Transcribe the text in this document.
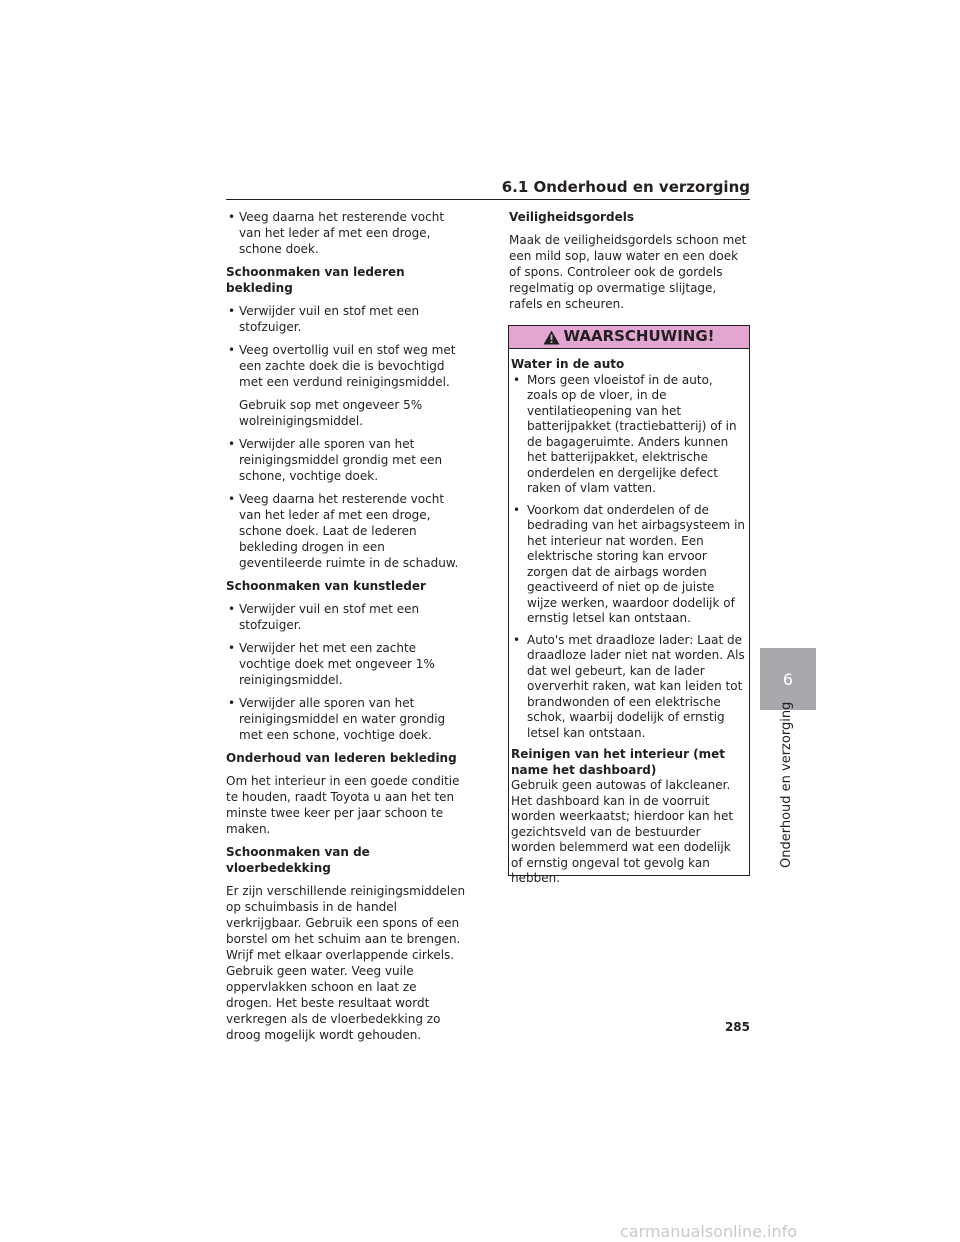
6.1 Onderhoud en verzorging
• Veeg daarna het resterende vocht van het leder af met een droge, schone doek.
Schoonmaken van lederen bekleding
• Verwijder vuil en stof met een stofzuiger.
• Veeg overtollig vuil en stof weg met een zachte doek die is bevochtigd met een verdund reinigingsmiddel.
Gebruik sop met ongeveer 5% wolreinigingsmiddel.
• Verwijder alle sporen van het reinigingsmiddel grondig met een schone, vochtige doek.
• Veeg daarna het resterende vocht van het leder af met een droge, schone doek. Laat de lederen bekleding drogen in een geventileerde ruimte in de schaduw.
Schoonmaken van kunstleder
• Verwijder vuil en stof met een stofzuiger.
• Verwijder het met een zachte vochtige doek met ongeveer 1% reinigingsmiddel.
• Verwijder alle sporen van het reinigingsmiddel en water grondig met een schone, vochtige doek.
Onderhoud van lederen bekleding

Om het interieur in een goede conditie te houden, raadt Toyota u aan het ten minste twee keer per jaar schoon te maken.

Schoonmaken van de vloerbedekking

Er zijn verschillende reinigingsmiddelen op schuimbasis in de handel verkrijgbaar. Gebruik een spons of een borstel om het schuim aan te brengen. Wrijf met elkaar overlappende cirkels. Gebruik geen water. Veeg vuile oppervlakken schoon en laat ze drogen. Het beste resultaat wordt verkregen als de vloerbedekking zo droog mogelijk wordt gehouden.

Veiligheidsgordels

Maak de veiligheidsgordels schoon met een mild sop, lauw water en een doek of spons. Controleer ook de gordels regelmatig op overmatige slijtage, rafels en scheuren.

WAARSCHUWING!
Water in de auto
• Mors geen vloeistof in de auto, zoals op de vloer, in de ventilatieopening van het batterijpakket (tractiebatterij) of in de bagageruimte. Anders kunnen het batterijpakket, elektrische onderdelen en dergelijke defect raken of vlam vatten.
• Voorkom dat onderdelen of de bedrading van het airbagsysteem in het interieur nat worden. Een elektrische storing kan ervoor zorgen dat de airbags worden geactiveerd of niet op de juiste wijze werken, waardoor dodelijk of ernstig letsel kan ontstaan.
• Auto's met draadloze lader: Laat de draadloze lader niet nat worden. Als dat wel gebeurt, kan de lader oververhit raken, wat kan leiden tot brandwonden of een elektrische schok, waarbij dodelijk of ernstig letsel kan ontstaan.
Reinigen van het interieur (met name het dashboard)

Gebruik geen autowas of lakcleaner. Het dashboard kan in de voorruit worden weerkaatst; hierdoor kan het gezichtsveld van de bestuurder worden belemmerd wat een dodelijk of ernstig ongeval tot gevolg kan hebben.

6
Onderhoud en verzorging
285
carmanualsonline.info
